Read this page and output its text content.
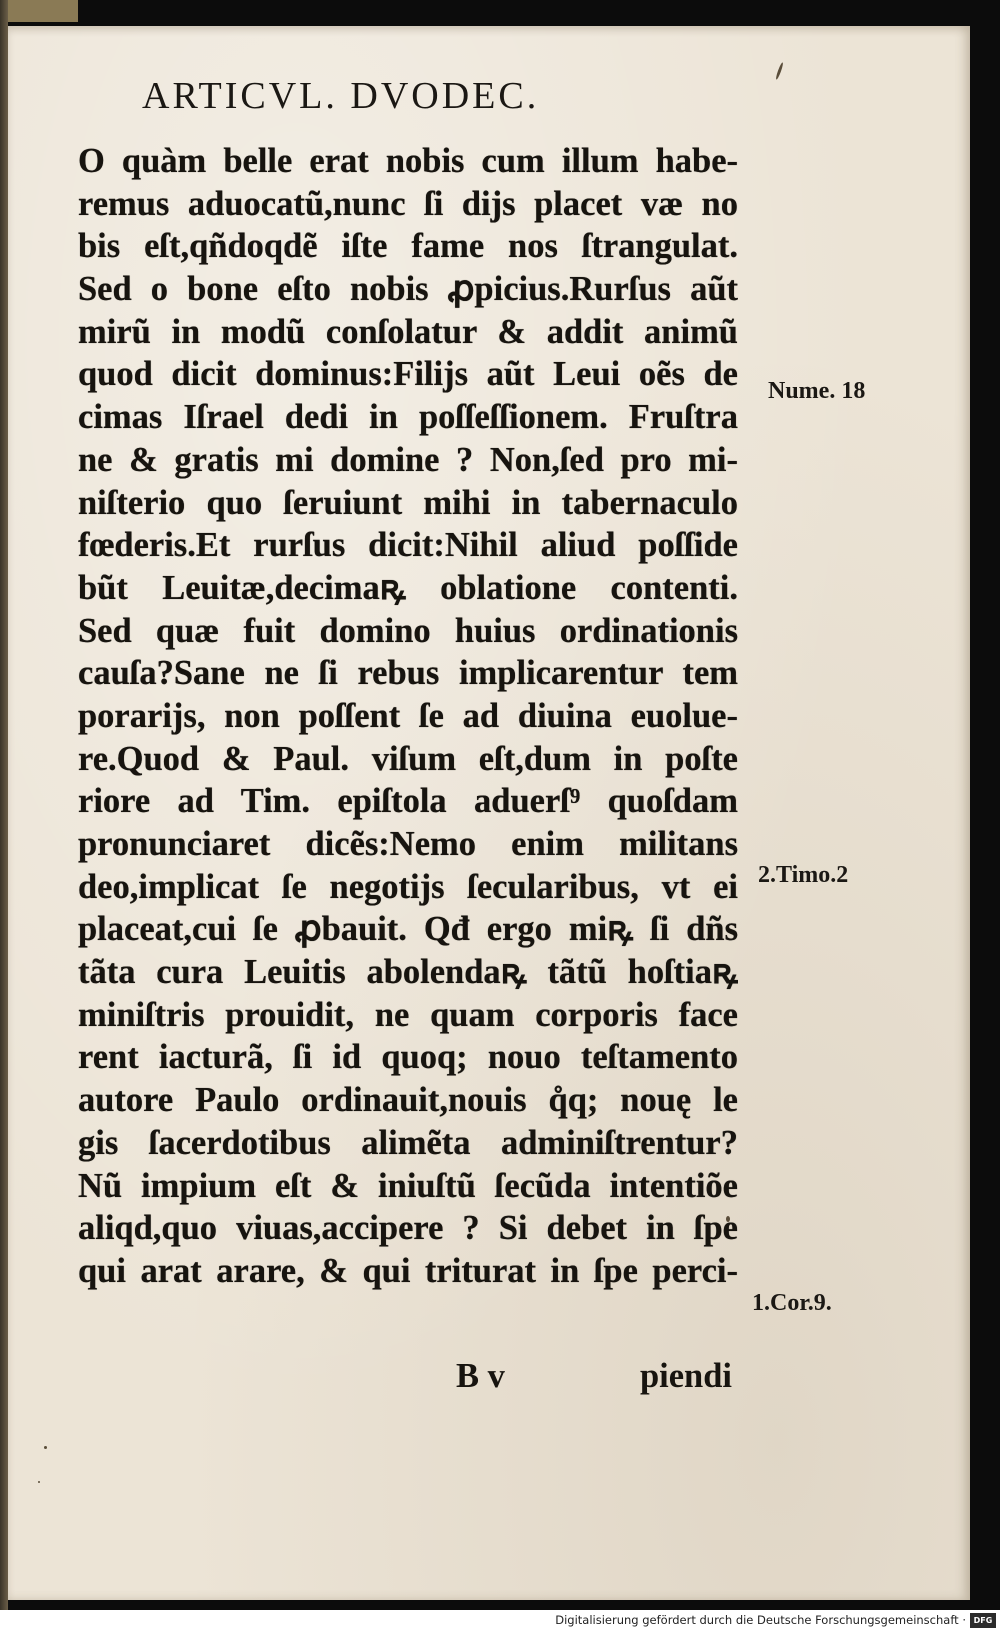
ARTICVL. DVODEC.
O quàm belle erat nobis cum illum habe-
remus aduocatũ,nunc ſi dijs placet væ no
bis eſt,qñdoqdẽ iſte fame nos ſtrangulat.
Sed o bone eſto nobis ꝓpicius.Rurſus aũt
mirũ in modũ conſolatur & addit animũ
quod dicit dominus:Filijs aũt Leui oẽs de
cimas Iſrael dedi in poſſeſſionem. Fruſtra
ne & gratis mi domine ? Non,ſed pro mi-
niſterio quo ſeruiunt mihi in tabernaculo
fœderis.Et rurſus dicit:Nihil aliud poſſide
bũt Leuitæ,decimaꝶ oblatione contenti.
Sed quæ fuit domino huius ordinationis
cauſa?Sane ne ſi rebus implicarentur tem
porarijs, non poſſent ſe ad diuina euolue-
re.Quod & Paul. viſum eſt,dum in poſte
riore ad Tim. epiſtola aduerſ⁹ quoſdam
pronunciaret dicẽs:Nemo enim militans
deo,implicat ſe negotijs ſecularibus, vt ei
placeat,cui ſe ꝓbauit. Qđ ergo miꝶ ſi dñs
tãta cura Leuitis abolendaꝶ tãtũ hoſtiaꝶ
miniſtris prouidit, ne quam corporis face
rent iacturã, ſi id quoq; nouo teſtamento
autore Paulo ordinauit,nouis q̊q; nouę le
gis ſacerdotibus alimẽta adminiſtrentur?
Nũ impium eſt & iniuſtũ ſecũda intentiõe
aliqd,quo viuas,accipere ? Si debet in ſpe
qui arat arare, & qui triturat in ſpe perci-
B v	piendi
Nume. 18
2.Timo.2
1.Cor.9.
Digitalisierung gefördert durch die Deutsche Forschungsgemeinschaft · DFG
